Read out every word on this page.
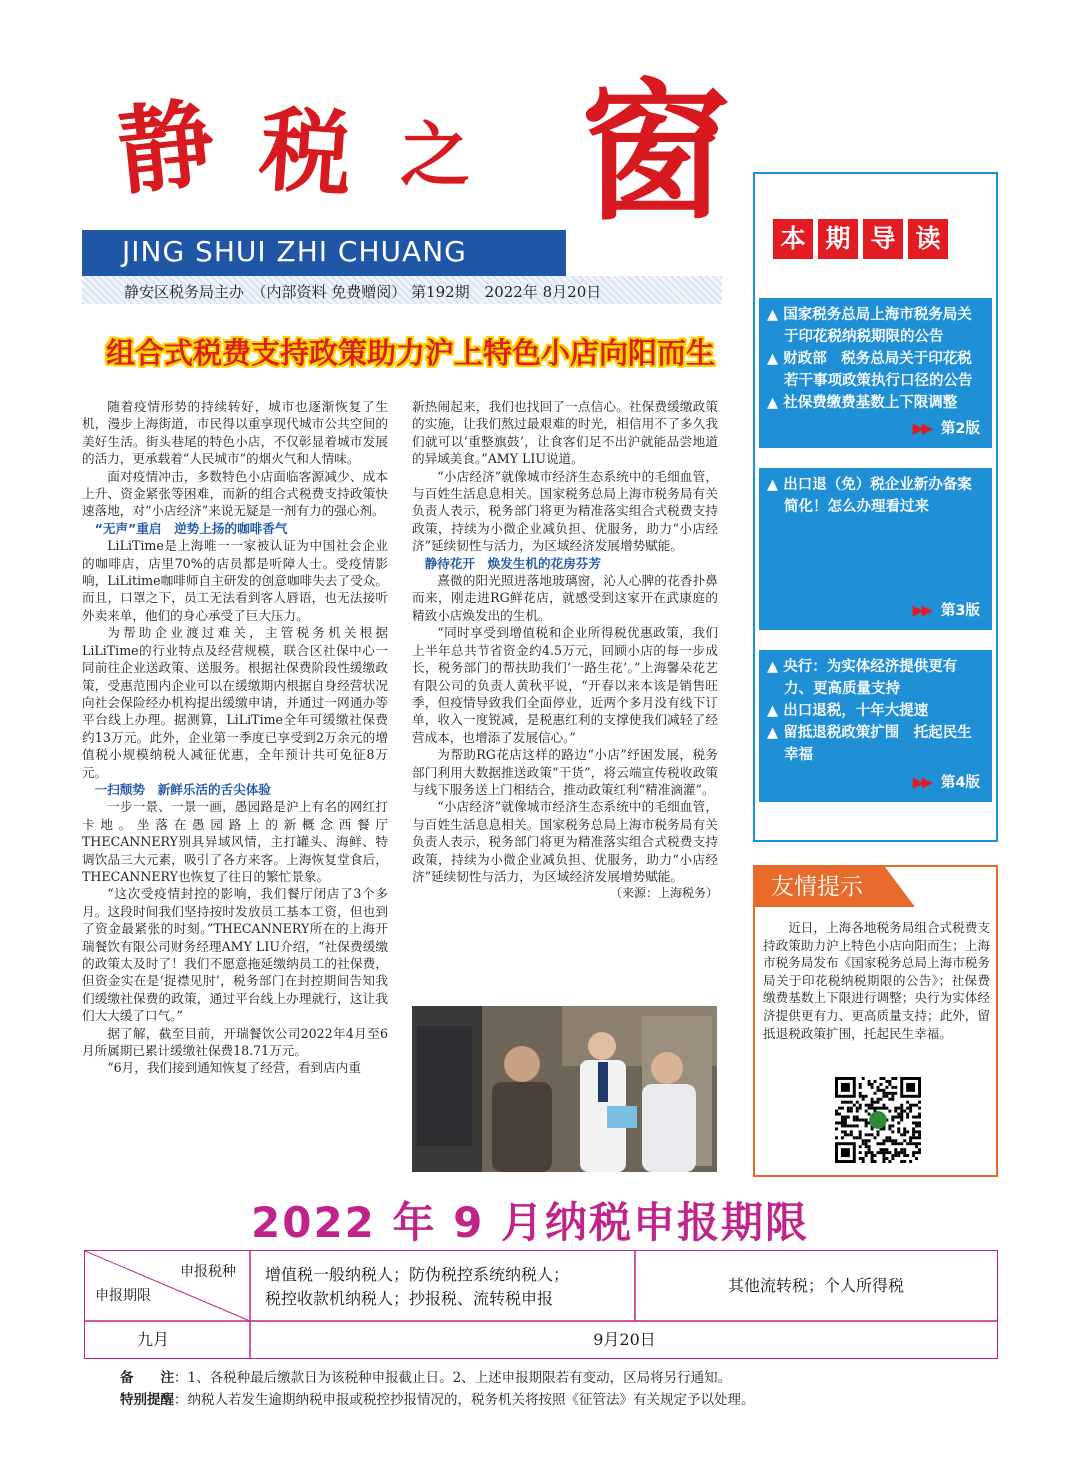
静 税 之 窗
JING SHUI ZHI CHUANG
静安区税务局主办　（内部资料 免费赠阅） 第192期　2022年 8月20日
组合式税费支持政策助力沪上特色小店向阳而生

随着疫情形势的持续转好，城市也逐渐恢复了生机，漫步上海街道，市民得以重享现代城市公共空间的美好生活。街头巷尾的特色小店，不仅彰显着城市发展的活力，更承载着“人民城市”的烟火气和人情味。

面对疫情冲击，多数特色小店面临客源减少、成本上升、资金紧张等困难，而新的组合式税费支持政策快速落地，对“小店经济”来说无疑是一剂有力的强心剂。

“无声”重启　逆势上扬的咖啡香气

LiLiTime是上海唯一一家被认证为中国社会企业的咖啡店，店里70%的店员都是听障人士。受疫情影响，LiLitime咖啡师自主研发的创意咖啡失去了受众。而且，口罩之下，员工无法看到客人唇语，也无法接听外卖来单，他们的身心承受了巨大压力。

为帮助企业渡过难关，主管税务机关根据LiLiTime的行业特点及经营规模，联合区社保中心一同前往企业送政策、送服务。根据社保费阶段性缓缴政策，受惠范围内企业可以在缓缴期内根据自身经营状况向社会保险经办机构提出缓缴申请，并通过一网通办等平台线上办理。据测算，LiLiTime全年可缓缴社保费约13万元。此外，企业第一季度已享受到2万余元的增值税小规模纳税人减征优惠，全年预计共可免征8万元。

一扫颓势　新鲜乐活的舌尖体验

一步一景、一景一画，愚园路是沪上有名的网红打卡地。坐落在愚园路上的新概念西餐厅THECANNERY别具异域风情，主打罐头、海鲜、特调饮品三大元素，吸引了各方来客。上海恢复堂食后，THECANNERY也恢复了往日的繁忙景象。

“这次受疫情封控的影响，我们餐厅闭店了3个多月。这段时间我们坚持按时发放员工基本工资，但也到了资金最紧张的时刻。”THECANNERY所在的上海开瑞餐饮有限公司财务经理AMY LIU介绍，“社保费缓缴的政策太及时了！我们不愿意拖延缴纳员工的社保费，但资金实在是‘捉襟见肘’，税务部门在封控期间告知我们缓缴社保费的政策，通过平台线上办理就行，这让我们大大缓了口气。”

据了解，截至目前，开瑞餐饮公司2022年4月至6月所属期已累计缓缴社保费18.71万元。

“6月，我们接到通知恢复了经营，看到店内重

新热闹起来，我们也找回了一点信心。社保费缓缴政策的实施，让我们熬过最艰难的时光，相信用不了多久我们就可以‘重整旗鼓’，让食客们足不出沪就能品尝地道的异域美食。”AMY LIU说道。

“小店经济”就像城市经济生态系统中的毛细血管，与百姓生活息息相关。国家税务总局上海市税务局有关负责人表示，税务部门将更为精准落实组合式税费支持政策，持续为小微企业减负担、优服务，助力“小店经济”延续韧性与活力，为区域经济发展增势赋能。

静待花开　焕发生机的花房芬芳

熹微的阳光照进落地玻璃窗，沁人心脾的花香扑鼻而来，刚走进RG鲜花店，就感受到这家开在武康庭的精致小店焕发出的生机。

“同时享受到增值税和企业所得税优惠政策，我们上半年总共节省资金约4.5万元，回顾小店的每一步成长，税务部门的帮扶助我们‘一路生花’。”上海馨朵花艺有限公司的负责人黄秋平说，“开春以来本该是销售旺季，但疫情导致我们全面停业，近两个多月没有线下订单，收入一度锐减，是税惠红利的支撑使我们减轻了经营成本，也增添了发展信心。”

为帮助RG花店这样的路边“小店”纾困发展，税务部门利用大数据推送政策“干货”，将云端宣传税收政策与线下服务送上门相结合，推动政策红利“精准滴灌”。

“小店经济”就像城市经济生态系统中的毛细血管，与百姓生活息息相关。国家税务总局上海市税务局有关负责人表示，税务部门将更为精准落实组合式税费支持政策，持续为小微企业减负担、优服务，助力“小店经济”延续韧性与活力，为区域经济发展增势赋能。

（来源：上海税务）
本 期 导 读
▲ 国家税务总局上海市税务局关于印花税纳税期限的公告
▲ 财政部　税务总局关于印花税若干事项政策执行口径的公告
▲ 社保费缴费基数上下限调整
▶▶ 第2版
▲ 出口退（免）税企业新办备案简化！怎么办理看过来
▶▶ 第3版
▲ 央行：为实体经济提供更有力、更高质量支持
▲ 出口退税，十年大提速
▲ 留抵退税政策扩围　托起民生幸福
▶▶ 第4版
友情提示
近日，上海各地税务局组合式税费支持政策助力沪上特色小店向阳而生；上海市税务局发布《国家税务总局上海市税务局关于印花税纳税期限的公告》；社保费缴费基数上下限进行调整；央行为实体经济提供更有力、更高质量支持；此外，留抵退税政策扩围，托起民生幸福。
2022 年 9 月纳税申报期限
申报税种
申报期限
增值税一般纳税人；防伪税控系统纳税人；
税控收款机纳税人；抄报税、流转税申报
其他流转税；个人所得税
九月	9月20日
备　　注：1、各税种最后缴款日为该税种申报截止日。2、上述申报期限若有变动，区局将另行通知。
特别提醒：纳税人若发生逾期纳税申报或税控抄报情况的，税务机关将按照《征管法》有关规定予以处理。
